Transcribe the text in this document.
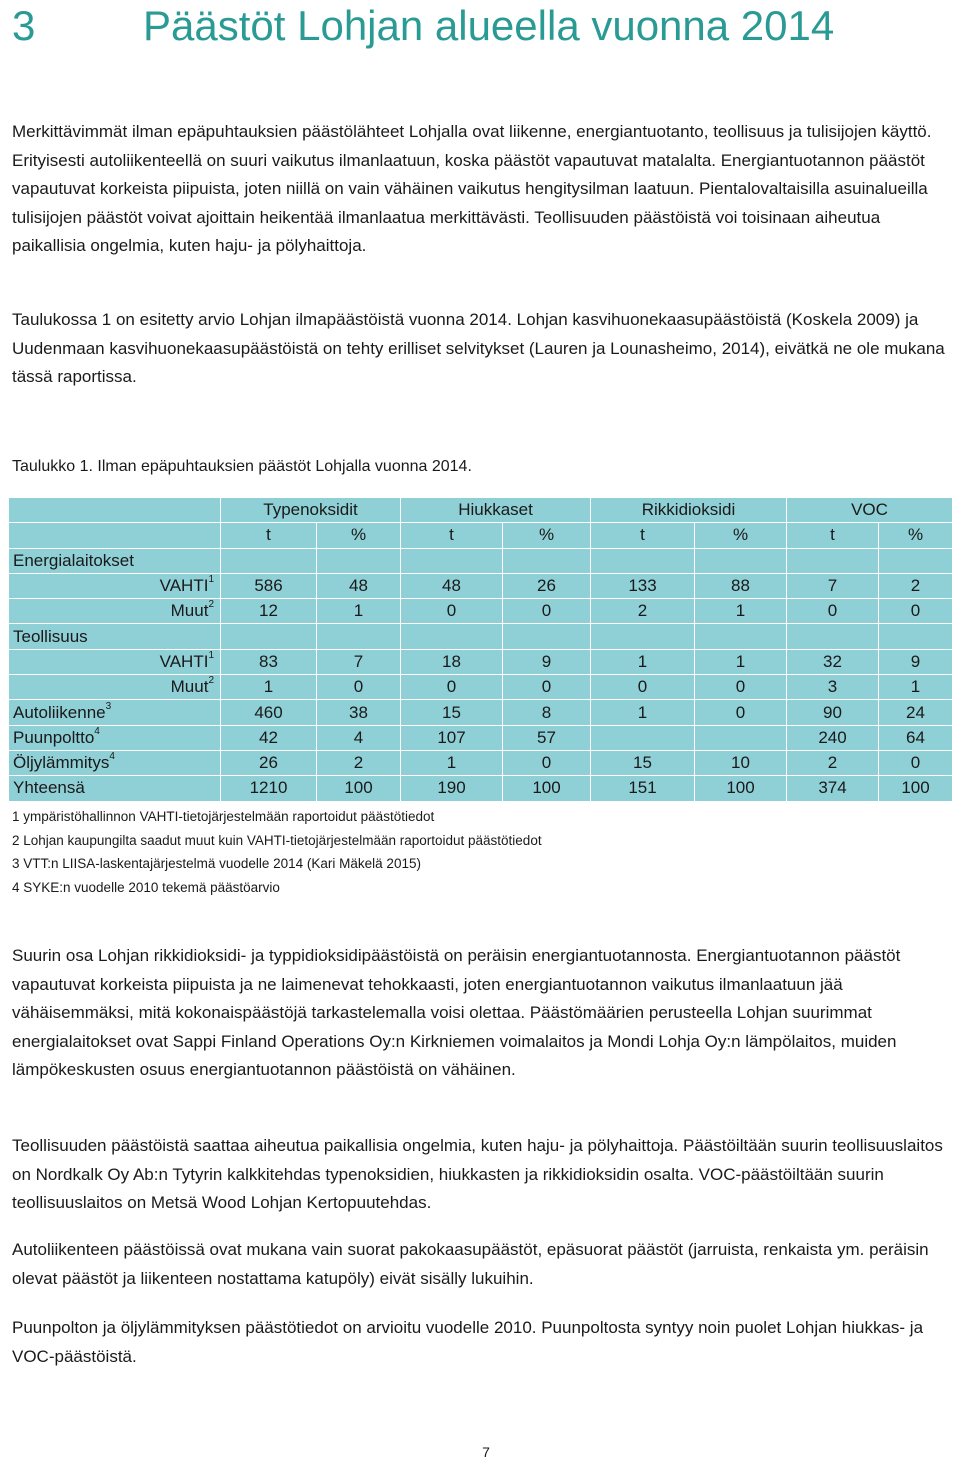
3	Päästöt Lohjan alueella vuonna 2014

Merkittävimmät ilman epäpuhtauksien päästölähteet Lohjalla ovat liikenne, energiantuotanto, teollisuus ja tulisijojen käyttö. Erityisesti autoliikenteellä on suuri vaikutus ilmanlaatuun, koska päästöt vapautuvat matalalta. Energiantuotannon päästöt vapautuvat korkeista piipuista, joten niillä on vain vähäinen vaikutus hengitysilman laatuun. Pientalovaltaisilla asuinalueilla tulisijojen päästöt voivat ajoittain heikentää ilmanlaatua merkittävästi. Teollisuuden päästöistä voi toisinaan aiheutua paikallisia ongelmia, kuten haju- ja pölyhaittoja.

Taulukossa 1 on esitetty arvio Lohjan ilmapäästöistä vuonna 2014. Lohjan kasvihuonekaasupäästöistä (Koskela 2009) ja Uudenmaan kasvihuonekaasupäästöistä on tehty erilliset selvitykset (Lauren ja Lounasheimo, 2014), eivätkä ne ole mukana tässä raportissa.

Taulukko 1. Ilman epäpuhtauksien päästöt Lohjalla vuonna 2014.
	Typenoksidit		Hiukkaset		Rikkidioksidi		VOC	
	t	%	t	%	t	%	t	%
Energialaitokset								
VAHTI$^1$	586	48	48	26	133	88	7	2
Muut$^2$	12	1	0	0	2	1	0	0
Teollisuus								
VAHTI$^1$	83	7	18	9	1	1	32	9
Muut$^2$	1	0	0	0	0	0	3	1
Autoliikenne$^3$	460	38	15	8	1	0	90	24
Puunpoltto$^4$	42	4	107	57			240	64
Öljylämmitys$^4$	26	2	1	0	15	10	2	0
Yhteensä	1210	100	190	100	151	100	374	100
1 ympäristöhallinnon VAHTI-tietojärjestelmään raportoidut päästötiedot
2 Lohjan kaupungilta saadut muut kuin VAHTI-tietojärjestelmään raportoidut päästötiedot
3 VTT:n LIISA-laskentajärjestelmä vuodelle 2014 (Kari Mäkelä 2015)
4 SYKE:n vuodelle 2010 tekemä päästöarvio

Suurin osa Lohjan rikkidioksidi- ja typpidioksidipäästöistä on peräisin energiantuotannosta. Energiantuotannon päästöt vapautuvat korkeista piipuista ja ne laimenevat tehokkaasti, joten energiantuotannon vaikutus ilmanlaatuun jää vähäisemmäksi, mitä kokonaispäästöjä tarkastelemalla voisi olettaa. Päästömäärien perusteella Lohjan suurimmat energialaitokset ovat Sappi Finland Operations Oy:n Kirkniemen voimalaitos ja Mondi Lohja Oy:n lämpölaitos, muiden lämpökeskusten osuus energiantuotannon päästöistä on vähäinen.

Teollisuuden päästöistä saattaa aiheutua paikallisia ongelmia, kuten haju- ja pölyhaittoja. Päästöiltään suurin teollisuuslaitos on Nordkalk Oy Ab:n Tytyrin kalkkitehdas typenoksidien, hiukkasten ja rikkidioksidin osalta. VOC-päästöiltään suurin teollisuuslaitos on Metsä Wood Lohjan Kertopuutehdas.

Autoliikenteen päästöissä ovat mukana vain suorat pakokaasupäästöt, epäsuorat päästöt (jarruista, renkaista ym. peräisin olevat päästöt ja liikenteen nostattama katupöly) eivät sisälly lukuihin.

Puunpolton ja öljylämmityksen päästötiedot on arvioitu vuodelle 2010. Puunpoltosta syntyy noin puolet Lohjan hiukkas- ja VOC-päästöistä.

7
